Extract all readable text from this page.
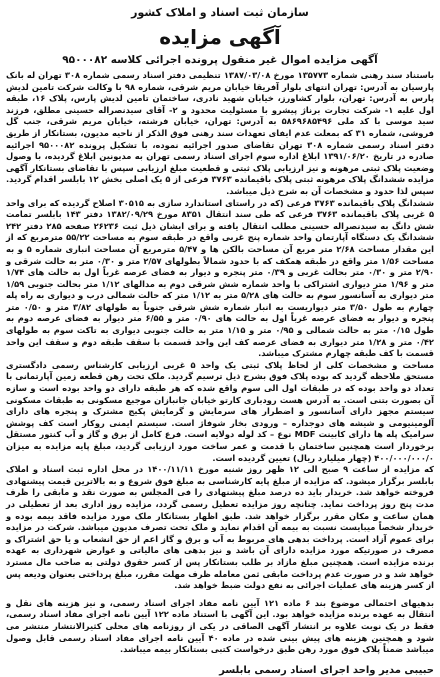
سازمان ثبت اسناد و املاک کشور
آگهی مزایده
آگهی مزایده اموال غیر منقول پرونده اجرائی کلاسه ۹۵۰۰۰۸۲

باستناد سند رهنی شماره ۱۳۵۷۷۳ مورخ ۱۳۸۷/۰۳/۰۸ تنظیمی دفتر اسناد رسمی شماره ۳۰۸ تهران له بانک پارسیان به آدرس: تهران انتهای بلوار آفریقا خیابان مریم شرقی، شماره ۹۸ با وکالت شرکت تامین لدیش پارس به آدرس: تهران، بلوار کشاورز، خیابان شهید نادری، ساختمان تامین لدیش پارس، پلاک ۱۶، طبقه اول علیه ۱- شرکت تجارت برناژ پیشرو با مسئولیت محدود و ۲- آقای سیدنصراله حسینی مطلق، فرزند سید موسی با کد ملی ۵۸۶۹۶۸۵۴۹۶ به آدرس: تهران، خیابان فرشته، خیابان مریم شرقی، جنب گل فروشی، شماره ۳۱ که بمعلت عدم ایفای تعهدات سند رهنی فوق الذکر از ناحیه مدیون، بستانکار از طریق دفتر اسناد رسمی شماره ۳۰۸ تهران تقاضای صدور اجرائیه نموده، با تشکیل پرونده ۹۵۰۰۰۸۲ اجرائیه صادره در تاریخ ۱۳۹۱/۰۶/۲۰ ابلاغ اداره سوم اجرای اسناد رسمی تهران به مدیونین ابلاغ گردیده، با وصول وضعیت پلاک ثبتی مرهونه و نیز ارزیابی پلاک ثبتی و قطعیت مبلغ ارزیابی سپس با تقاضای بستانکار آگهی مزایده ششدانگ پلاک مرهونه ثبتی پلاک باقیمانده ۳۷۶۳ فرعی از ۵ یک اصلی بخش ۱۲ بابلسر اقدام گردید. سپس لذا حدود و مشخصات آن به شرح ذیل میباشد.

ششدانگ پلاک باقیمانده ۳۷۶۳ فرعی (که در راستای استاندارد سازی به ۳۰۵۱۵ اصلاح گردیده که برای واحد ۵ غربی پلاک باقیمانده ۳۷۶۳ فرعی که طی سند انتقال ۸۳۵۱ مورخ ۱۳۸۲/۰۹/۲۹ دفتر ۱۴۳ بابلسر تمامت شش دانگ به سیدنصراله حسینی مطلب انتقال یافته و برای ایشان ذیل ثبت ۲۶۲۳۶ صفحه ۲۸۵ دفتر ۲۴۲ ششدانگ یک دستگاه آپارتمان واحد شماره پنج غربی واقع در طبقه سوم به مساحت ۵۵/۲۲ مترمربع که از این مقدار مساحت ۲/۶۸ متر مربع آن مساحت بالکن ها و ۵/۴۷ مترمربع آن مساحت انباری شماره ۵ و به مساحت ۱/۵۶ متر واقع در طبقه همکف که با حدود شمالاً بطولهای ۲/۵۷ متر و ۰/۳۰ متر به حالت شرقی و ۲/۹۰ متر و ۰/۳۰ متر بحالت غربی و ۰/۳۹ متر پنجره و دیوار به فضای عرصه غرباً اول به حالت های ۱/۷۴ متر و ۱/۹۶ متر دیواری اشتراکی با واحد شماره شش شرقی دوم به مدالهای ۱/۱۲ متر بحالت جنوبی ۱/۵۹ متر دیواری به آسانسور سوم به حالت های ۵/۲۸ متر به ۱/۱۲ متر که حالت شمالی درب و دیواری به راه پله چهارم به طول ۳/۵۰ متر دیواریست به انبار شماره شش شرقی جنوباً به طولهای ۳/۸۲ متر و ۰/۵۰ متر پنجره و دیوار به فضای عرصه غرباً اول به حالت های ۰/۹۰ متر و ۶/۵۵ متر دیوار به فضای عرصه دوم به طول ۰/۱۵ متر به حالت شمالی و ۰/۹۵ متر و ۱/۱۵ متر به حالت جنوبی دیواری به تاکت سوم به طولهای ۰/۴۲ متر و ۱/۲۸ متر دیواری به فضای عرصه کف این واحد قسمت با سقف طبقه دوم و سقف این واحد قسمت با کف طبقه چهارم مشترک میباشد.

مساحت و مشخصات کلی از لحاظ پلاک ثبتی یک واحد ۵ غربی ارزیابی کارشناس رسمی دادگستری مستحق ملاحظه گردید که بوده پلاک فوق بشرح ذیل ترسیم گردید. ملک تحت رهن قطعه زمین آپارتمانی با تعداد دو واحد بوده که در طبقات اول الی سوم واقع شده که هر طبقه دارای دو واحد بوده است و سازه آن بصورت بتنی است. به آدرس هست رودباری کارتو خیابان جانبازان موجبع مسکونی به طبقات مسکونی سیستم مجهز دارای آسانسور و اضطرار های سرمایش و گرمایش پکیج مشترک و پنجره های دارای آلومینیومی و شیشه های دوجداره – ورودی بخار شوفاژ است. سیستم ایمنی روکار است کف پوشش سرامیک پله ها دارای کابینت MDF نوع – کد لوله دولایه است. فرع کامل از برق و گاز و آب کنتور مستقل برخوردار است همچنین ساختمان با قدمت و عمر ساخت مورد ارزیابی گردید، مبلغ پایه مزایده به میزان ۴۰۰/۰۰۰/۰۰۰/۰ (چهار میلیارد ریال) تعیین گردیده است.

که مزایده از ساعت ۹ صبح الی ۱۲ ظهر روز شنبه مورخ ۱۴۰۰/۱۱/۱۱ در محل اداره ثبت اسناد و املاک بابلسر برگزار میشود. که مزایده از مبلغ پایه کارشناسی به مبلغ فوق شروع و به بالاترین قیمت پیشنهادی فروخته خواهد شد. خریدار باید ده درصد مبلغ پیشنهادی را فی المجلس به صورت نقد و مابقی را ظرف مدت پنج روز پرداخت نماید. چنانچه روز مزایده تعطیل رسمی گردد، مزایده روز اداری بعد از تعطیلی در همان ساعت و مکان مقرر برگزار خواهد شد. طبق اظهار بستانکار ملک مورد مزایده فاقد بیمه بوده و خریدار شخصاً میبایست نسبت به بیمه آن اقدام نماید و ملک تحت تصرف مدیون میباشد. شرکت در مزایده برای عموم آزاد است. پرداخت بدهی های مربوط به آب و برق و گاز اعم از حق انشعاب و یا حق اشتراک و مصرف در صورتیکه مورد مزایده دارای آن باشد و نیز بدهی های مالیاتی و عوارض شهرداری به عهده برنده مزایده است. همچنین مبلغ مازاد بر طلب بستانکار پس از کسر حقوق دولتی به صاحب مال مسترد خواهد شد و در صورت عدم پرداخت مابقی ثمن معامله ظرف مهلت مقرر، مبلغ پرداختی بعنوان ودیعه پس از کسر هزینه های عملیات اجرائی به نفع دولت ضبط خواهد شد.

بدهیهای احتمالی موضوع بند ۶ ماده ۱۲۱ آیین نامه مفاد اجرای اسناد رسمی، و نیز هزینه های نقل و انتقال به عهده برنده مزایده خواهد بود. این آگهی با استناد ماده ۱۲۲ آیین نامه اجرای مفاد اسناد رسمی، فقط در یک نوبت علاوه بر انتشار آگهی الصاقی در یکی از روزنامه های محلی کثیرالانتشار منتشر می شود و همچنین هزینه های پیش بینی شده در ماده ۴۰ آیین نامه اجرای مفاد اسناد رسمی قابل وصول میباشد ضمناً پلاک فوق مورد رهن طبق درخواست کتبی بستانکار بیمه میباشد.

حبیبی مدیر واحد اجرای اسناد رسمی بابلسر
